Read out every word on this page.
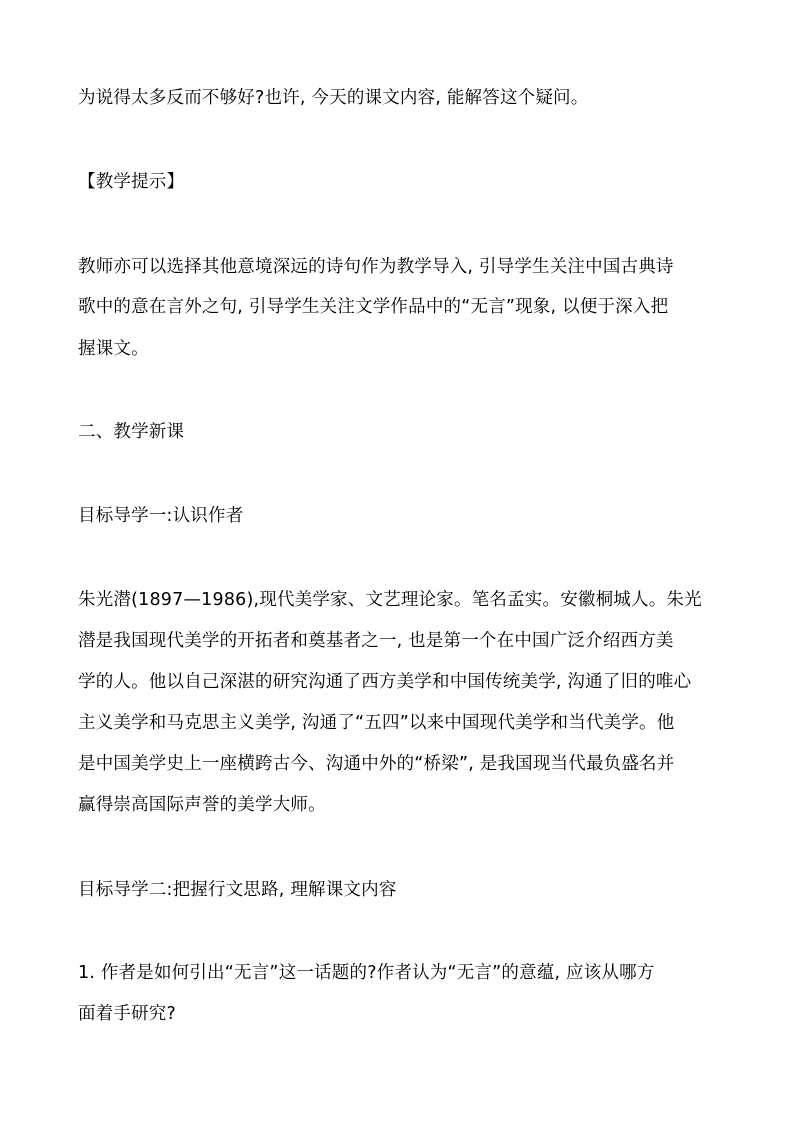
为说得太多反而不够好?也许, 今天的课文内容, 能解答这个疑问。
【教学提示】
教师亦可以选择其他意境深远的诗句作为教学导入, 引导学生关注中国古典诗
歌中的意在言外之句, 引导学生关注文学作品中的“无言”现象, 以便于深入把
握课文。
二、教学新课
目标导学一:认识作者
朱光潜(1897—1986),现代美学家、文艺理论家。笔名孟实。安徽桐城人。朱光
潜是我国现代美学的开拓者和奠基者之一, 也是第一个在中国广泛介绍西方美
学的人。他以自己深湛的研究沟通了西方美学和中国传统美学, 沟通了旧的唯心
主义美学和马克思主义美学, 沟通了“五四”以来中国现代美学和当代美学。他
是中国美学史上一座横跨古今、沟通中外的“桥梁”, 是我国现当代最负盛名并
赢得崇高国际声誉的美学大师。
目标导学二:把握行文思路, 理解课文内容
1. 作者是如何引出“无言”这一话题的?作者认为“无言”的意蕴, 应该从哪方
面着手研究?
